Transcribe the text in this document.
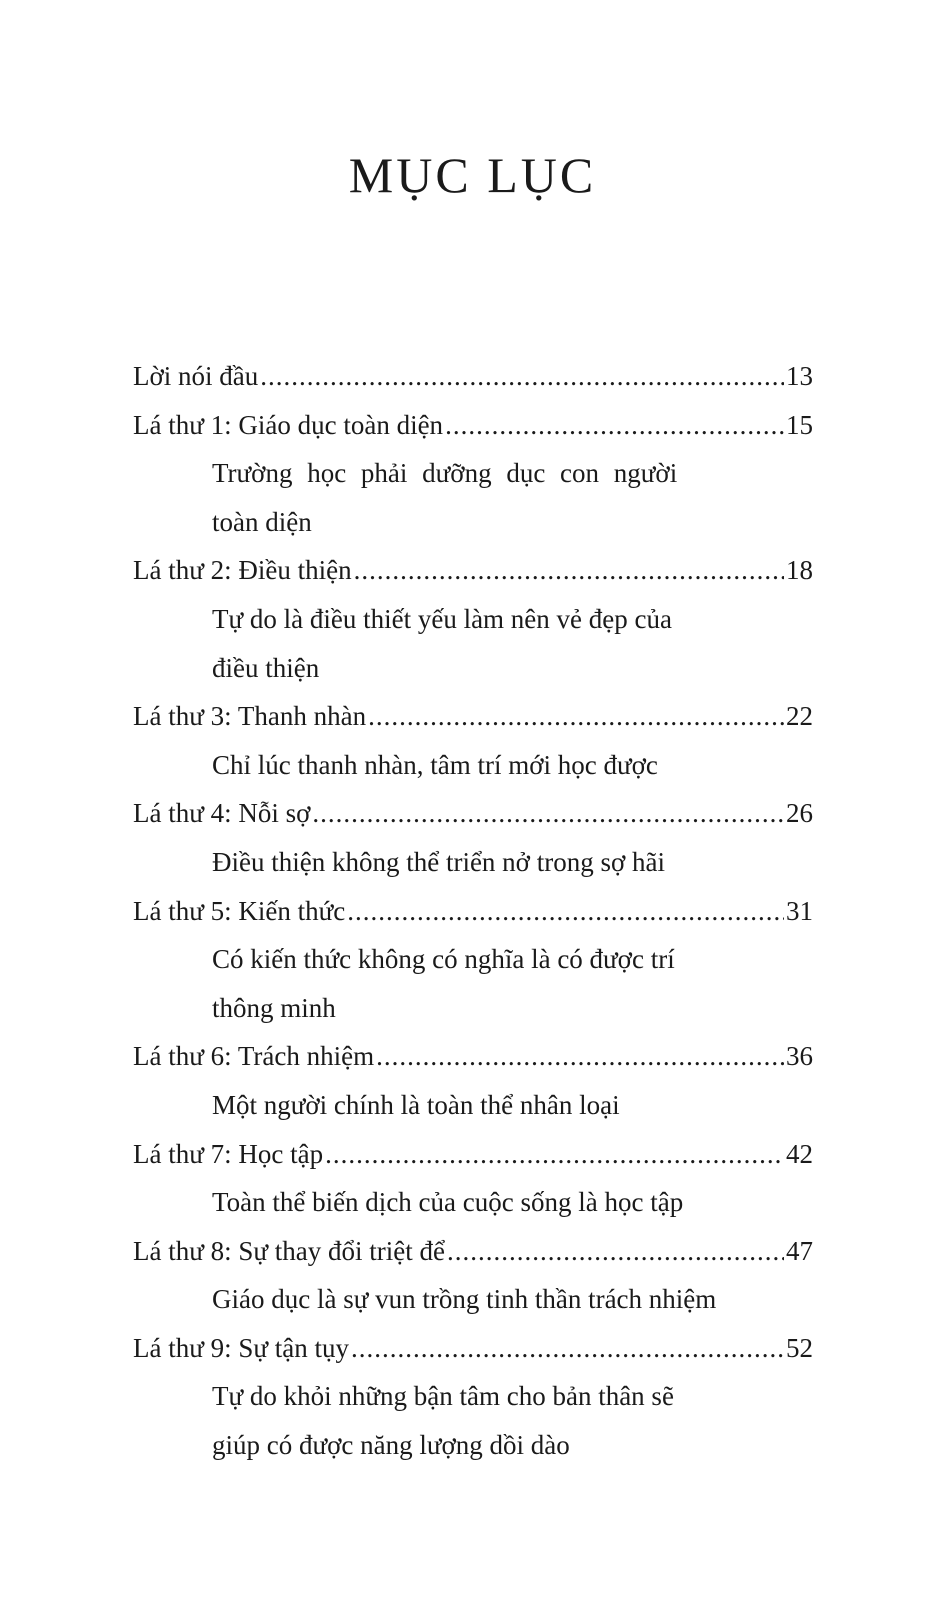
MỤC LỤC
Lời nói đầu .....	13
Lá thư 1: Giáo dục toàn diện .....	15
Trường học phải dưỡng dục con người
toàn diện
Lá thư 2: Điều thiện .....	18
Tự do là điều thiết yếu làm nên vẻ đẹp của
điều thiện
Lá thư 3: Thanh nhàn .....	22
Chỉ lúc thanh nhàn, tâm trí mới học được
Lá thư 4: Nỗi sợ .....	26
Điều thiện không thể triển nở trong sợ hãi
Lá thư 5: Kiến thức .....	31
Có kiến thức không có nghĩa là có được trí
thông minh
Lá thư 6: Trách nhiệm .....	36
Một người chính là toàn thể nhân loại
Lá thư 7: Học tập .....	42
Toàn thể biến dịch của cuộc sống là học tập
Lá thư 8: Sự thay đổi triệt để .....	47
Giáo dục là sự vun trồng tinh thần trách nhiệm
Lá thư 9: Sự tận tụy .....	52
Tự do khỏi những bận tâm cho bản thân sẽ
giúp có được năng lượng dồi dào
